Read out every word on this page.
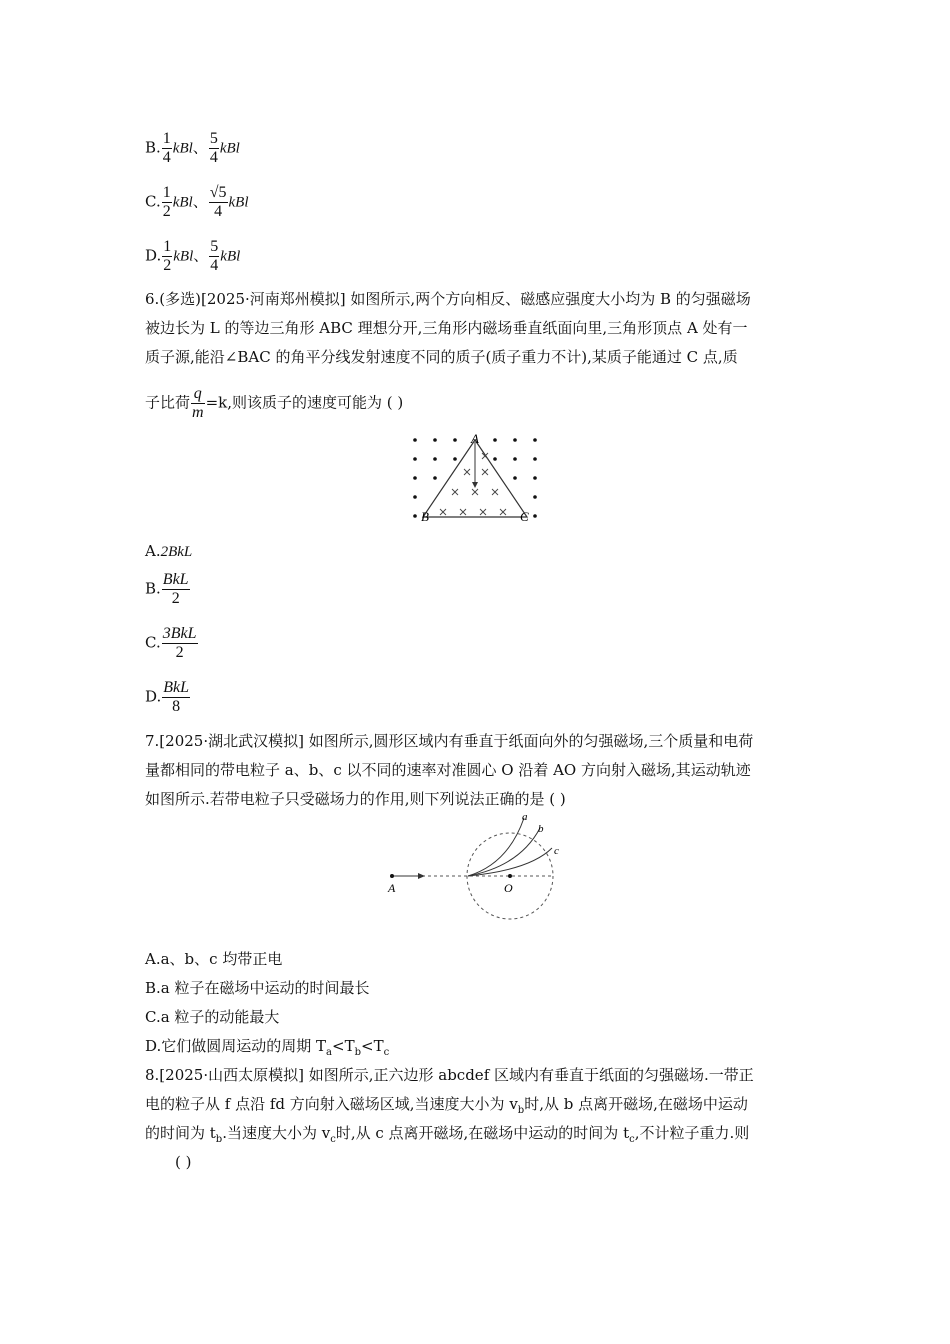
B. $\frac{1}{4}$ kBl、 $\frac{5}{4}$ kBl
C. $\frac{1}{2}$ kBl、 $\frac{√5}{4}$ kBl
D. $\frac{1}{2}$ kBl、 $\frac{5}{4}$ kBl
6.(多选)[2025·河南郑州模拟] 如图所示,两个方向相反、磁感应强度大小均为 B 的匀强磁场
被边长为 L 的等边三角形 ABC 理想分开,三角形内磁场垂直纸面向里,三角形顶点 A 处有一
质子源,能沿∠BAC 的角平分线发射速度不同的质子(质子重力不计),某质子能通过 C 点,质
子比荷 $\frac{q}{m} =k$,则该质子的速度可能为 ( )
A
B	C
A.2BkL
B. $\frac{\text{BkL}}{2}$
C. $\frac{\text{3BkL}}{2}$
D. $\frac{\text{BkL}}{8}$
7.[2025·湖北武汉模拟] 如图所示,圆形区域内有垂直于纸面向外的匀强磁场,三个质量和电荷
量都相同的带电粒子 a、b、c 以不同的速率对准圆心 O 沿着 AO 方向射入磁场,其运动轨迹
如图所示.若带电粒子只受磁场力的作用,则下列说法正确的是 ( )
A	O
a
b
c
A.a、b、c 均带正电
B.a 粒子在磁场中运动的时间最长
C.a 粒子的动能最大
D.它们做圆周运动的周期 $T_a<T_b<T_c$
8.[2025·山西太原模拟] 如图所示,正六边形 abcdef 区域内有垂直于纸面的匀强磁场.一带正
电的粒子从 f 点沿 fd 方向射入磁场区域,当速度大小为 $v_b$时,从 b 点离开磁场,在磁场中运动
的时间为 $t_b$.当速度大小为 $v_c$时,从 c 点离开磁场,在磁场中运动的时间为 $t_c$,不计粒子重力.则
( )
